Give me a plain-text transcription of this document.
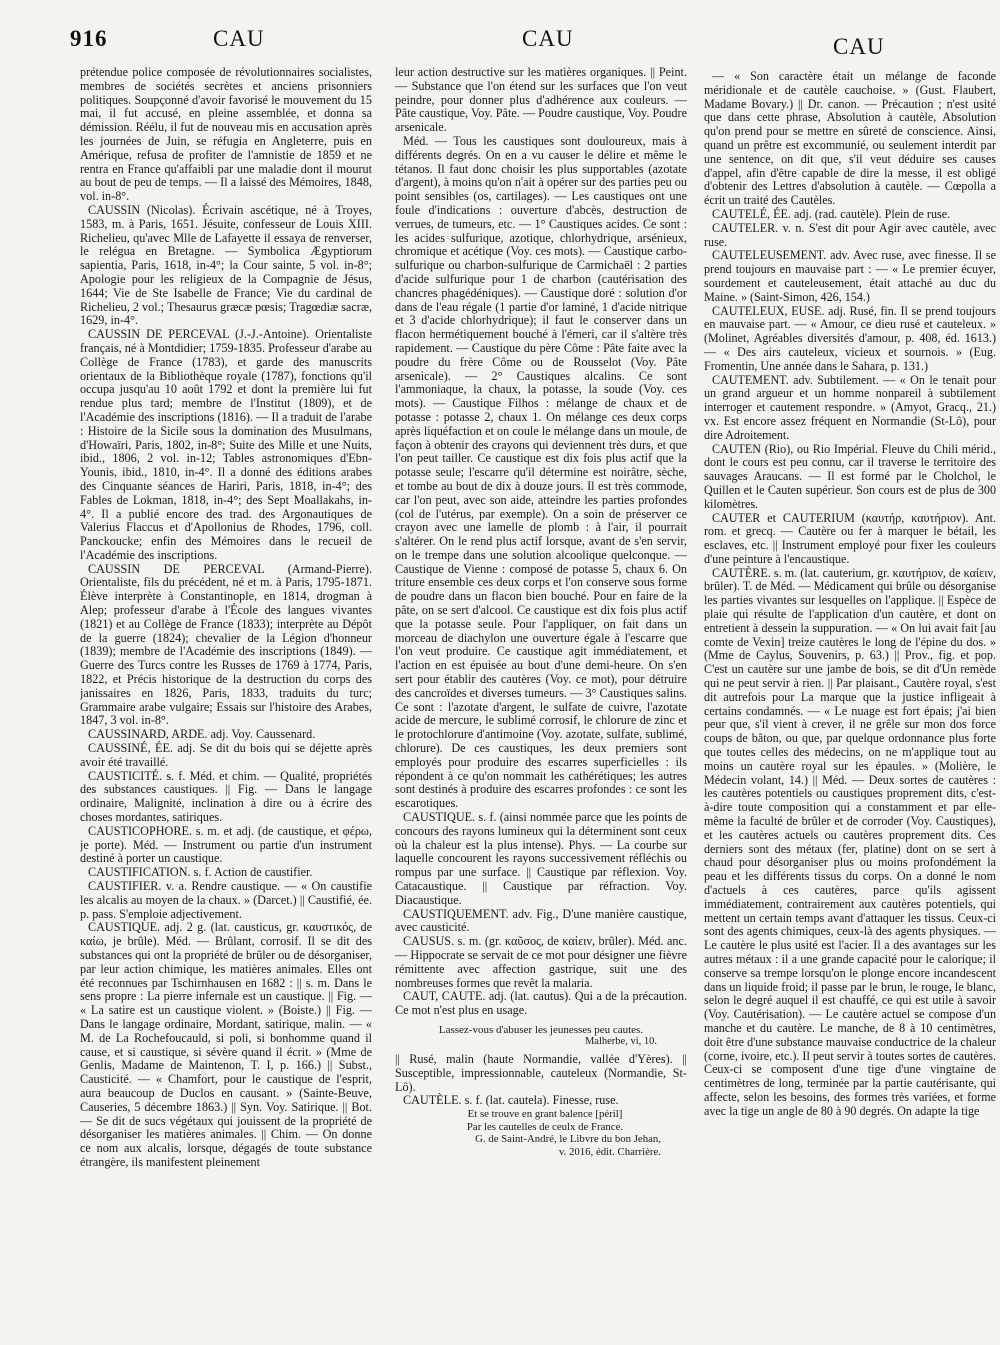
916	CAU	CAU	CAU

prétendue police composée de révolutionnaires socialistes, membres de sociétés secrètes et anciens prisonniers politiques. Soupçonné d'avoir favorisé le mouvement du 15 mai, il fut accusé, en pleine assemblée, et donna sa démission. Réélu, il fut de nouveau mis en accusation après les journées de Juin, se réfugia en Angleterre, puis en Amérique, refusa de profiter de l'amnistie de 1859 et ne rentra en France qu'affaibli par une maladie dont il mourut au bout de peu de temps. — Il a laissé des Mémoires, 1848, vol. in-8°.

CAUSSIN (Nicolas). Écrivain ascétique, né à Troyes, 1583, m. à Paris, 1651. Jésuite, confesseur de Louis XIII. Richelieu, qu'avec Mlle de Lafayette il essaya de renverser, le relégua en Bretagne. — Symbolica Ægyptiorum sapientia, Paris, 1618, in-4°; la Cour sainte, 5 vol. in-8°; Apologie pour les religieux de la Compagnie de Jésus, 1644; Vie de Ste Isabelle de France; Vie du cardinal de Richelieu, 2 vol.; Thesaurus græcæ pœsis; Tragœdiæ sacræ, 1629, in-4°.

CAUSSIN DE PERCEVAL (J.-J.-Antoine). Orientaliste français, né à Montdidier; 1759-1835. Professeur d'arabe au Collège de France (1783), et garde des manuscrits orientaux de la Bibliothèque royale (1787), fonctions qu'il occupa jusqu'au 10 août 1792 et dont la première lui fut rendue plus tard; membre de l'Institut (1809), et de l'Académie des inscriptions (1816). — Il a traduit de l'arabe : Histoire de la Sicile sous la domination des Musulmans, d'Howaïri, Paris, 1802, in-8°; Suite des Mille et une Nuits, ibid., 1806, 2 vol. in-12; Tables astronomiques d'Ebn-Younis, ibid., 1810, in-4°. Il a donné des éditions arabes des Cinquante séances de Hariri, Paris, 1818, in-4°; des Fables de Lokman, 1818, in-4°; des Sept Moallakahs, in-4°. Il a publié encore des trad. des Argonautiques de Valerius Flaccus et d'Apollonius de Rhodes, 1796, coll. Panckoucke; enfin des Mémoires dans le recueil de l'Académie des inscriptions.

CAUSSIN DE PERCEVAL (Armand-Pierre). Orientaliste, fils du précédent, né et m. à Paris, 1795-1871. Élève interprète à Constantinople, en 1814, drogman à Alep; professeur d'arabe à l'École des langues vivantes (1821) et au Collège de France (1833); interprète au Dépôt de la guerre (1824); chevalier de la Légion d'honneur (1839); membre de l'Académie des inscriptions (1849). — Guerre des Turcs contre les Russes de 1769 à 1774, Paris, 1822, et Précis historique de la destruction du corps des janissaires en 1826, Paris, 1833, traduits du turc; Grammaire arabe vulgaire; Essais sur l'histoire des Arabes, 1847, 3 vol. in-8°.

CAUSSINARD, ARDE. adj. Voy. Caussenard.

CAUSSINÉ, ÉE. adj. Se dit du bois qui se déjette après avoir été travaillé.

CAUSTICITÉ. s. f. Méd. et chim. — Qualité, propriétés des substances caustiques. || Fig. — Dans le langage ordinaire, Malignité, inclination à dire ou à écrire des choses mordantes, satiriques.

CAUSTICOPHORE. s. m. et adj. (de caustique, et φέρω, je porte). Méd. — Instrument ou partie d'un instrument destiné à porter un caustique.

CAUSTIFICATION. s. f. Action de caustifier.

CAUSTIFIER. v. a. Rendre caustique. — « On caustifie les alcalis au moyen de la chaux. » (Darcet.) || Caustifié, ée. p. pass. S'emploie adjectivement.

CAUSTIQUE. adj. 2 g. (lat. causticus, gr. καυστικός, de καίω, je brûle). Méd. — Brûlant, corrosif. Il se dit des substances qui ont la propriété de brûler ou de désorganiser, par leur action chimique, les matières animales. Elles ont été reconnues par Tschirnhausen en 1682 : || s. m. Dans le sens propre : La pierre infernale est un caustique. || Fig. — « La satire est un caustique violent. » (Boiste.) || Fig. — Dans le langage ordinaire, Mordant, satirique, malin. — « M. de La Rochefoucauld, si poli, si bonhomme quand il cause, et si caustique, si sévère quand il écrit. » (Mme de Genlis, Madame de Maintenon, T. I, p. 166.) || Subst., Causticité. — « Chamfort, pour le caustique de l'esprit, aura beaucoup de Duclos en causant. » (Sainte-Beuve, Causeries, 5 décembre 1863.) || Syn. Voy. Satirique. || Bot. — Se dit de sucs végétaux qui jouissent de la propriété de désorganiser les matières animales. || Chim. — On donne ce nom aux alcalis, lorsque, dégagés de toute substance étrangère, ils manifestent pleinement

leur action destructive sur les matières organiques. || Peint. — Substance que l'on étend sur les surfaces que l'on veut peindre, pour donner plus d'adhérence aux couleurs. — Pâte caustique, Voy. Pâte. — Poudre caustique, Voy. Poudre arsenicale.

Méd. — Tous les caustiques sont douloureux, mais à différents degrés. On en a vu causer le délire et même le tétanos. Il faut donc choisir les plus supportables (azotate d'argent), à moins qu'on n'ait à opérer sur des parties peu ou point sensibles (os, cartilages). — Les caustiques ont une foule d'indications : ouverture d'abcès, destruction de verrues, de tumeurs, etc. — 1° Caustiques acides. Ce sont : les acides sulfurique, azotique, chlorhydrique, arsénieux, chromique et acétique (Voy. ces mots). — Caustique carbo-sulfurique ou charbon-sulfurique de Carmichaël : 2 parties d'acide sulfurique pour 1 de charbon (cautérisation des chancres phagédéniques). — Caustique doré : solution d'or dans de l'eau régale (1 partie d'or laminé, 1 d'acide nitrique et 3 d'acide chlorhydrique); il faut le conserver dans un flacon hermétiquement bouché à l'émeri, car il s'altère très rapidement. — Caustique du père Côme : Pâte faite avec la poudre du frère Côme ou de Rousselot (Voy. Pâte arsenicale). — 2° Caustiques alcalins. Ce sont l'ammoniaque, la chaux, la potasse, la soude (Voy. ces mots). — Caustique Filhos : mélange de chaux et de potasse : potasse 2, chaux 1. On mélange ces deux corps après liquéfaction et on coule le mélange dans un moule, de façon à obtenir des crayons qui deviennent très durs, et que l'on peut tailler. Ce caustique est dix fois plus actif que la potasse seule; l'escarre qu'il détermine est noirâtre, sèche, et tombe au bout de dix à douze jours. Il est très commode, car l'on peut, avec son aide, atteindre les parties profondes (col de l'utérus, par exemple). On a soin de préserver ce crayon avec une lamelle de plomb : à l'air, il pourrait s'altérer. On le rend plus actif lorsque, avant de s'en servir, on le trempe dans une solution alcoolique quelconque. — Caustique de Vienne : composé de potasse 5, chaux 6. On triture ensemble ces deux corps et l'on conserve sous forme de poudre dans un flacon bien bouché. Pour en faire de la pâte, on se sert d'alcool. Ce caustique est dix fois plus actif que la potasse seule. Pour l'appliquer, on fait dans un morceau de diachylon une ouverture égale à l'escarre que l'on veut produire. Ce caustique agit immédiatement, et l'action en est épuisée au bout d'une demi-heure. On s'en sert pour établir des cautères (Voy. ce mot), pour détruire des cancroïdes et diverses tumeurs. — 3° Caustiques salins. Ce sont : l'azotate d'argent, le sulfate de cuivre, l'azotate acide de mercure, le sublimé corrosif, le chlorure de zinc et le protochlorure d'antimoine (Voy. azotate, sulfate, sublimé, chlorure). De ces caustiques, les deux premiers sont employés pour produire des escarres superficielles : ils répondent à ce qu'on nommait les cathérétiques; les autres sont destinés à produire des escarres profondes : ce sont les escarotiques.

CAUSTIQUE. s. f. (ainsi nommée parce que les points de concours des rayons lumineux qui la déterminent sont ceux où la chaleur est la plus intense). Phys. — La courbe sur laquelle concourent les rayons successivement réfléchis ou rompus par une surface. || Caustique par réflexion. Voy. Catacaustique. || Caustique par réfraction. Voy. Diacaustique.

CAUSTIQUEMENT. adv. Fig., D'une manière caustique, avec causticité.

CAUSUS. s. m. (gr. καῦσος, de καίειν, brûler). Méd. anc. — Hippocrate se servait de ce mot pour désigner une fièvre rémittente avec affection gastrique, suit une des nombreuses formes que revêt la malaria.

CAUT, CAUTE. adj. (lat. cautus). Qui a de la précaution. Ce mot n'est plus en usage.

Lassez-vous d'abuser les jeunesses peu cautes.
Malherbe, vi, 10.

|| Rusé, malin (haute Normandie, vallée d'Yères). || Susceptible, impressionnable, cauteleux (Normandie, St-Lô).

CAUTÈLE. s. f. (lat. cautela). Finesse, ruse.

Et se trouve en grant balence [péril]
Par les cautelles de ceulx de France.
G. de Saint-André, le Libvre du bon Jehan,
v. 2016, édit. Charrière.

— « Son caractère était un mélange de faconde méridionale et de cautèle cauchoise. » (Gust. Flaubert, Madame Bovary.) || Dr. canon. — Précaution ; n'est usité que dans cette phrase, Absolution à cautèle, Absolution qu'on prend pour se mettre en sûreté de conscience. Ainsi, quand un prêtre est excommunié, ou seulement interdit par une sentence, on dit que, s'il veut déduire ses causes d'appel, afin d'être capable de dire la messe, il est obligé d'obtenir des Lettres d'absolution à cautèle. — Cœpolla a écrit un traité des Cautèles.

CAUTELÉ, ÉE. adj. (rad. cautèle). Plein de ruse.

CAUTELER. v. n. S'est dit pour Agir avec cautèle, avec ruse.

CAUTELEUSEMENT. adv. Avec ruse, avec finesse. Il se prend toujours en mauvaise part : — « Le premier écuyer, sourdement et cauteleusement, était attaché au duc du Maine. » (Saint-Simon, 426, 154.)

CAUTELEUX, EUSE. adj. Rusé, fin. Il se prend toujours en mauvaise part. — « Amour, ce dieu rusé et cauteleux. » (Molinet, Agréables diversités d'amour, p. 408, éd. 1613.) — « Des airs cauteleux, vicieux et sournois. » (Eug. Fromentin, Une année dans le Sahara, p. 131.)

CAUTEMENT. adv. Subtilement. — « On le tenait pour un grand argueur et un homme nonpareil à subtilement interroger et cautement respondre. » (Amyot, Gracq., 21.) vx. Est encore assez fréquent en Normandie (St-Lô), pour dire Adroitement.

CAUTEN (Rio), ou Rio Impérial. Fleuve du Chili mérid., dont le cours est peu connu, car il traverse le territoire des sauvages Araucans. — Il est formé par le Cholchol, le Quillen et le Cauten supérieur. Son cours est de plus de 300 kilomètres.

CAUTER et CAUTERIUM (καυτήρ, καυτήριον). Ant. rom. et grecq. — Cautère ou fer à marquer le bétail, les esclaves, etc. || Instrument employé pour fixer les couleurs d'une peinture à l'encaustique.

CAUTÈRE. s. m. (lat. cauterium, gr. καυτήριον, de καίειν, brûler). T. de Méd. — Médicament qui brûle ou désorganise les parties vivantes sur lesquelles on l'applique. || Espèce de plaie qui résulte de l'application d'un cautère, et dont on entretient à dessein la suppuration. — « On lui avait fait [au comte de Vexin] treize cautères le long de l'épine du dos. » (Mme de Caylus, Souvenirs, p. 63.) || Prov., fig. et pop. C'est un cautère sur une jambe de bois, se dit d'Un remède qui ne peut servir à rien. || Par plaisant., Cautère royal, s'est dit autrefois pour La marque que la justice infligeait à certains condamnés. — « Le nuage est fort épais; j'ai bien peur que, s'il vient à crever, il ne grêle sur mon dos force coups de bâton, ou que, par quelque ordonnance plus forte que toutes celles des médecins, on ne m'applique tout au moins un cautère royal sur les épaules. » (Molière, le Médecin volant, 14.) || Méd. — Deux sortes de cautères : les cautères potentiels ou caustiques proprement dits, c'est-à-dire toute composition qui a constamment et par elle-même la faculté de brûler et de corroder (Voy. Caustiques), et les cautères actuels ou cautères proprement dits. Ces derniers sont des métaux (fer, platine) dont on se sert à chaud pour désorganiser plus ou moins profondément la peau et les différents tissus du corps. On a donné le nom d'actuels à ces cautères, parce qu'ils agissent immédiatement, contrairement aux cautères potentiels, qui mettent un certain temps avant d'attaquer les tissus. Ceux-ci sont des agents chimiques, ceux-là des agents physiques. — Le cautère le plus usité est l'acier. Il a des avantages sur les autres métaux : il a une grande capacité pour le calorique; il conserve sa trempe lorsqu'on le plonge encore incandescent dans un liquide froid; il passe par le brun, le rouge, le blanc, selon le degré auquel il est chauffé, ce qui est utile à savoir (Voy. Cautérisation). — Le cautère actuel se compose d'un manche et du cautère. Le manche, de 8 à 10 centimètres, doit être d'une substance mauvaise conductrice de la chaleur (corne, ivoire, etc.). Il peut servir à toutes sortes de cautères. Ceux-ci se composent d'une tige d'une vingtaine de centimètres de long, terminée par la partie cautérisante, qui affecte, selon les besoins, des formes très variées, et forme avec la tige un angle de 80 à 90 degrés. On adapte la tige
